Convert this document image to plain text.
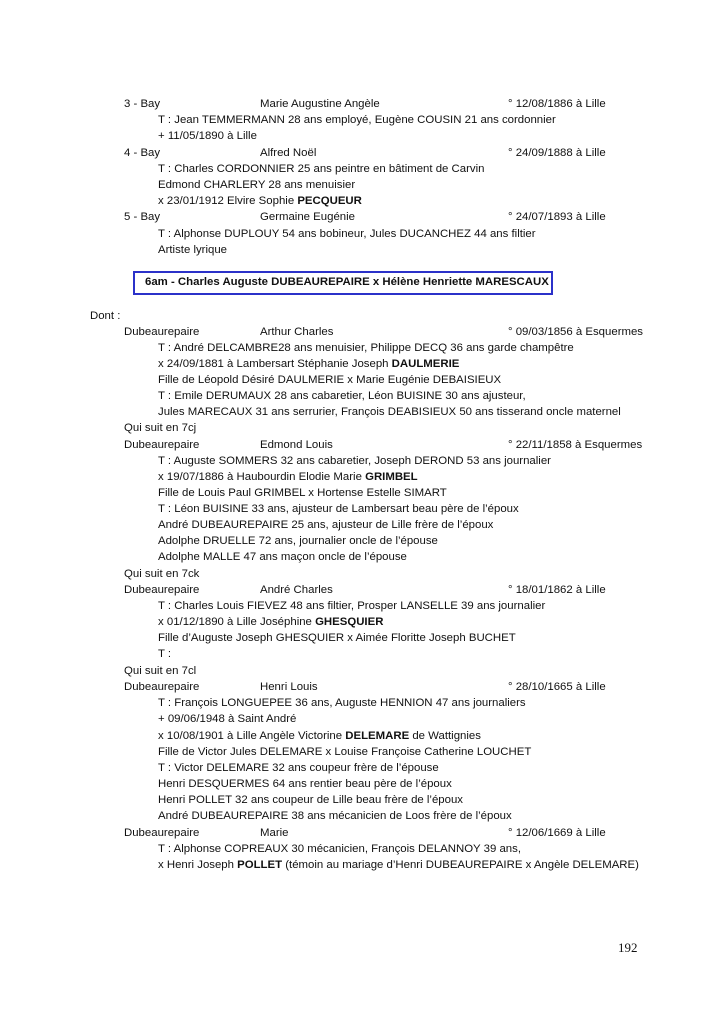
3 - Bay	Marie Augustine Angèle	° 12/08/1886 à Lille
T : Jean TEMMERMANN 28 ans employé, Eugène COUSIN 21 ans cordonnier
+ 11/05/1890 à Lille
4 - Bay	Alfred Noël	° 24/09/1888 à Lille
T : Charles CORDONNIER 25 ans peintre en bâtiment de Carvin
Edmond CHARLERY 28 ans menuisier
x 23/01/1912 Elvire Sophie PECQUEUR
5 - Bay	Germaine Eugénie	° 24/07/1893 à Lille
T : Alphonse DUPLOUY 54 ans bobineur, Jules DUCANCHEZ 44 ans filtier
Artiste lyrique
6am - Charles Auguste DUBEAUREPAIRE x Hélène Henriette MARESCAUX
Dont :
Dubeaurepaire	Arthur Charles	° 09/03/1856 à Esquermes
T : André DELCAMBRE28 ans menuisier, Philippe DECQ 36 ans garde champêtre
x 24/09/1881 à Lambersart Stéphanie Joseph DAULMERIE
Fille de Léopold Désiré DAULMERIE x Marie Eugénie DEBAISIEUX
T : Emile DERUMAUX 28 ans cabaretier, Léon BUISINE 30 ans ajusteur,
Jules MARECAUX 31 ans serrurier, François DEABISIEUX 50 ans tisserand oncle maternel
Qui suit en 7cj
Dubeaurepaire	Edmond Louis	° 22/11/1858 à Esquermes
T : Auguste SOMMERS 32 ans cabaretier, Joseph DEROND 53 ans journalier
x 19/07/1886 à Haubourdin Elodie Marie GRIMBEL
Fille de Louis Paul GRIMBEL x Hortense Estelle SIMART
T : Léon BUISINE 33 ans, ajusteur de Lambersart beau père de l’époux
André DUBEAUREPAIRE 25 ans, ajusteur de Lille frère de l’époux
Adolphe DRUELLE 72 ans, journalier oncle de l’épouse
Adolphe MALLE 47 ans maçon oncle de l’épouse
Qui suit en 7ck
Dubeaurepaire	André Charles	° 18/01/1862 à Lille
T : Charles Louis FIEVEZ 48 ans filtier, Prosper LANSELLE 39 ans journalier
x 01/12/1890 à Lille Joséphine GHESQUIER
Fille d’Auguste Joseph GHESQUIER x Aimée Floritte Joseph BUCHET
T :
Qui suit en 7cl
Dubeaurepaire	Henri Louis	° 28/10/1665 à Lille
T : François LONGUEPEE 36 ans, Auguste HENNION 47 ans journaliers
+ 09/06/1948 à Saint André
x 10/08/1901 à Lille Angèle Victorine DELEMARE de Wattignies
Fille de Victor Jules DELEMARE x Louise Françoise Catherine LOUCHET
T : Victor DELEMARE 32 ans coupeur frère de l’épouse
Henri DESQUERMES 64 ans rentier beau père de l’époux
Henri POLLET 32 ans coupeur de Lille beau frère de l’époux
André DUBEAUREPAIRE 38 ans mécanicien de Loos frère de l’époux
Dubeaurepaire	Marie	° 12/06/1669 à Lille
T : Alphonse COPREAUX 30 mécanicien, François DELANNOY 39 ans,
x Henri Joseph POLLET (témoin au mariage d’Henri DUBEAUREPAIRE x Angèle DELEMARE)
192
